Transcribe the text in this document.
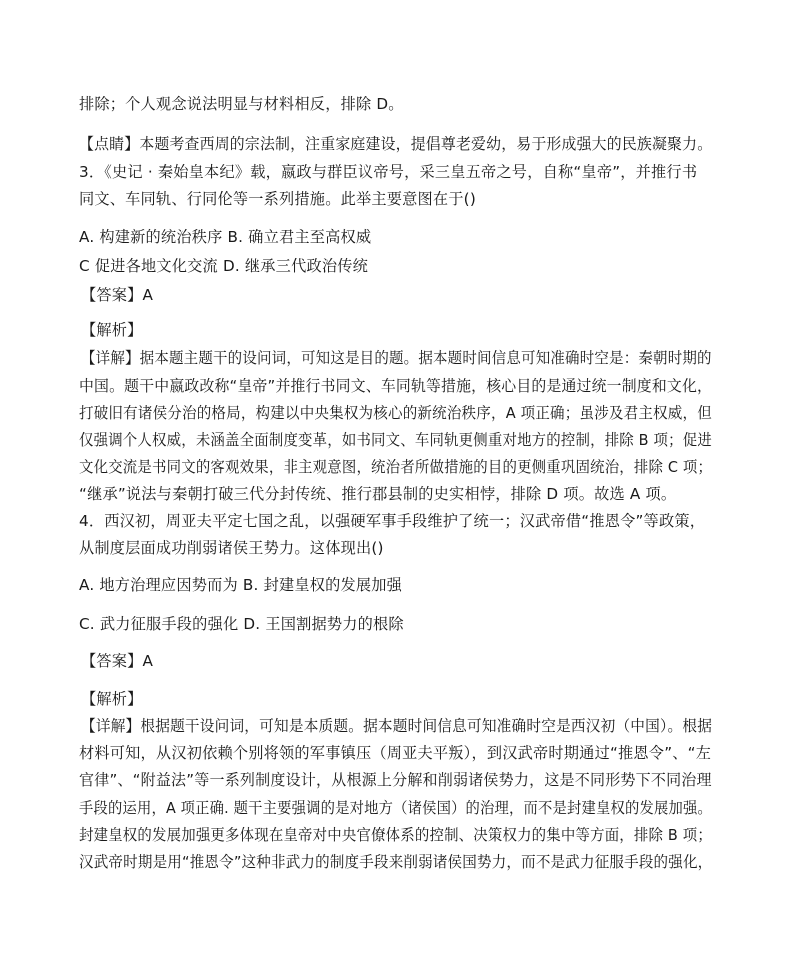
排除；个人观念说法明显与材料相反，排除 D。
【点睛】本题考查西周的宗法制，注重家庭建设，提倡尊老爱幼，易于形成强大的民族凝聚力。
3．《史记 · 秦始皇本纪》载，嬴政与群臣议帝号，采三皇五帝之号，自称“皇帝”，并推行书
同文、车同轨、行同伦等一系列措施。此举主要意图在于()
A. 构建新的统治秩序 B. 确立君主至高权威
C 促进各地文化交流 D. 继承三代政治传统
【答案】A
【解析】
【详解】据本题主题干的设问词，可知这是目的题。据本题时间信息可知准确时空是：秦朝时期的
中国。题干中嬴政改称“皇帝”并推行书同文、车同轨等措施，核心目的是通过统一制度和文化，
打破旧有诸侯分治的格局，构建以中央集权为核心的新统治秩序，A 项正确；虽涉及君主权威，但
仅强调个人权威，未涵盖全面制度变革，如书同文、车同轨更侧重对地方的控制，排除 B 项；促进
文化交流是书同文的客观效果，非主观意图，统治者所做措施的目的更侧重巩固统治，排除 C 项；
“继承”说法与秦朝打破三代分封传统、推行郡县制的史实相悖，排除 D 项。故选 A 项。
4．西汉初，周亚夫平定七国之乱，以强硬军事手段维护了统一；汉武帝借“推恩令”等政策，
从制度层面成功削弱诸侯王势力。这体现出()
A. 地方治理应因势而为 B. 封建皇权的发展加强
C. 武力征服手段的强化 D. 王国割据势力的根除
【答案】A
【解析】
【详解】根据题干设问词，可知是本质题。据本题时间信息可知准确时空是西汉初（中国）。根据
材料可知，从汉初依赖个别将领的军事镇压（周亚夫平叛），到汉武帝时期通过“推恩令”、“左
官律”、“附益法”等一系列制度设计，从根源上分解和削弱诸侯势力，这是不同形势下不同治理
手段的运用，A 项正确. 题干主要强调的是对地方（诸侯国）的治理，而不是封建皇权的发展加强。
封建皇权的发展加强更多体现在皇帝对中央官僚体系的控制、决策权力的集中等方面，排除 B 项；
汉武帝时期是用“推恩令”这种非武力的制度手段来削弱诸侯国势力，而不是武力征服手段的强化，
